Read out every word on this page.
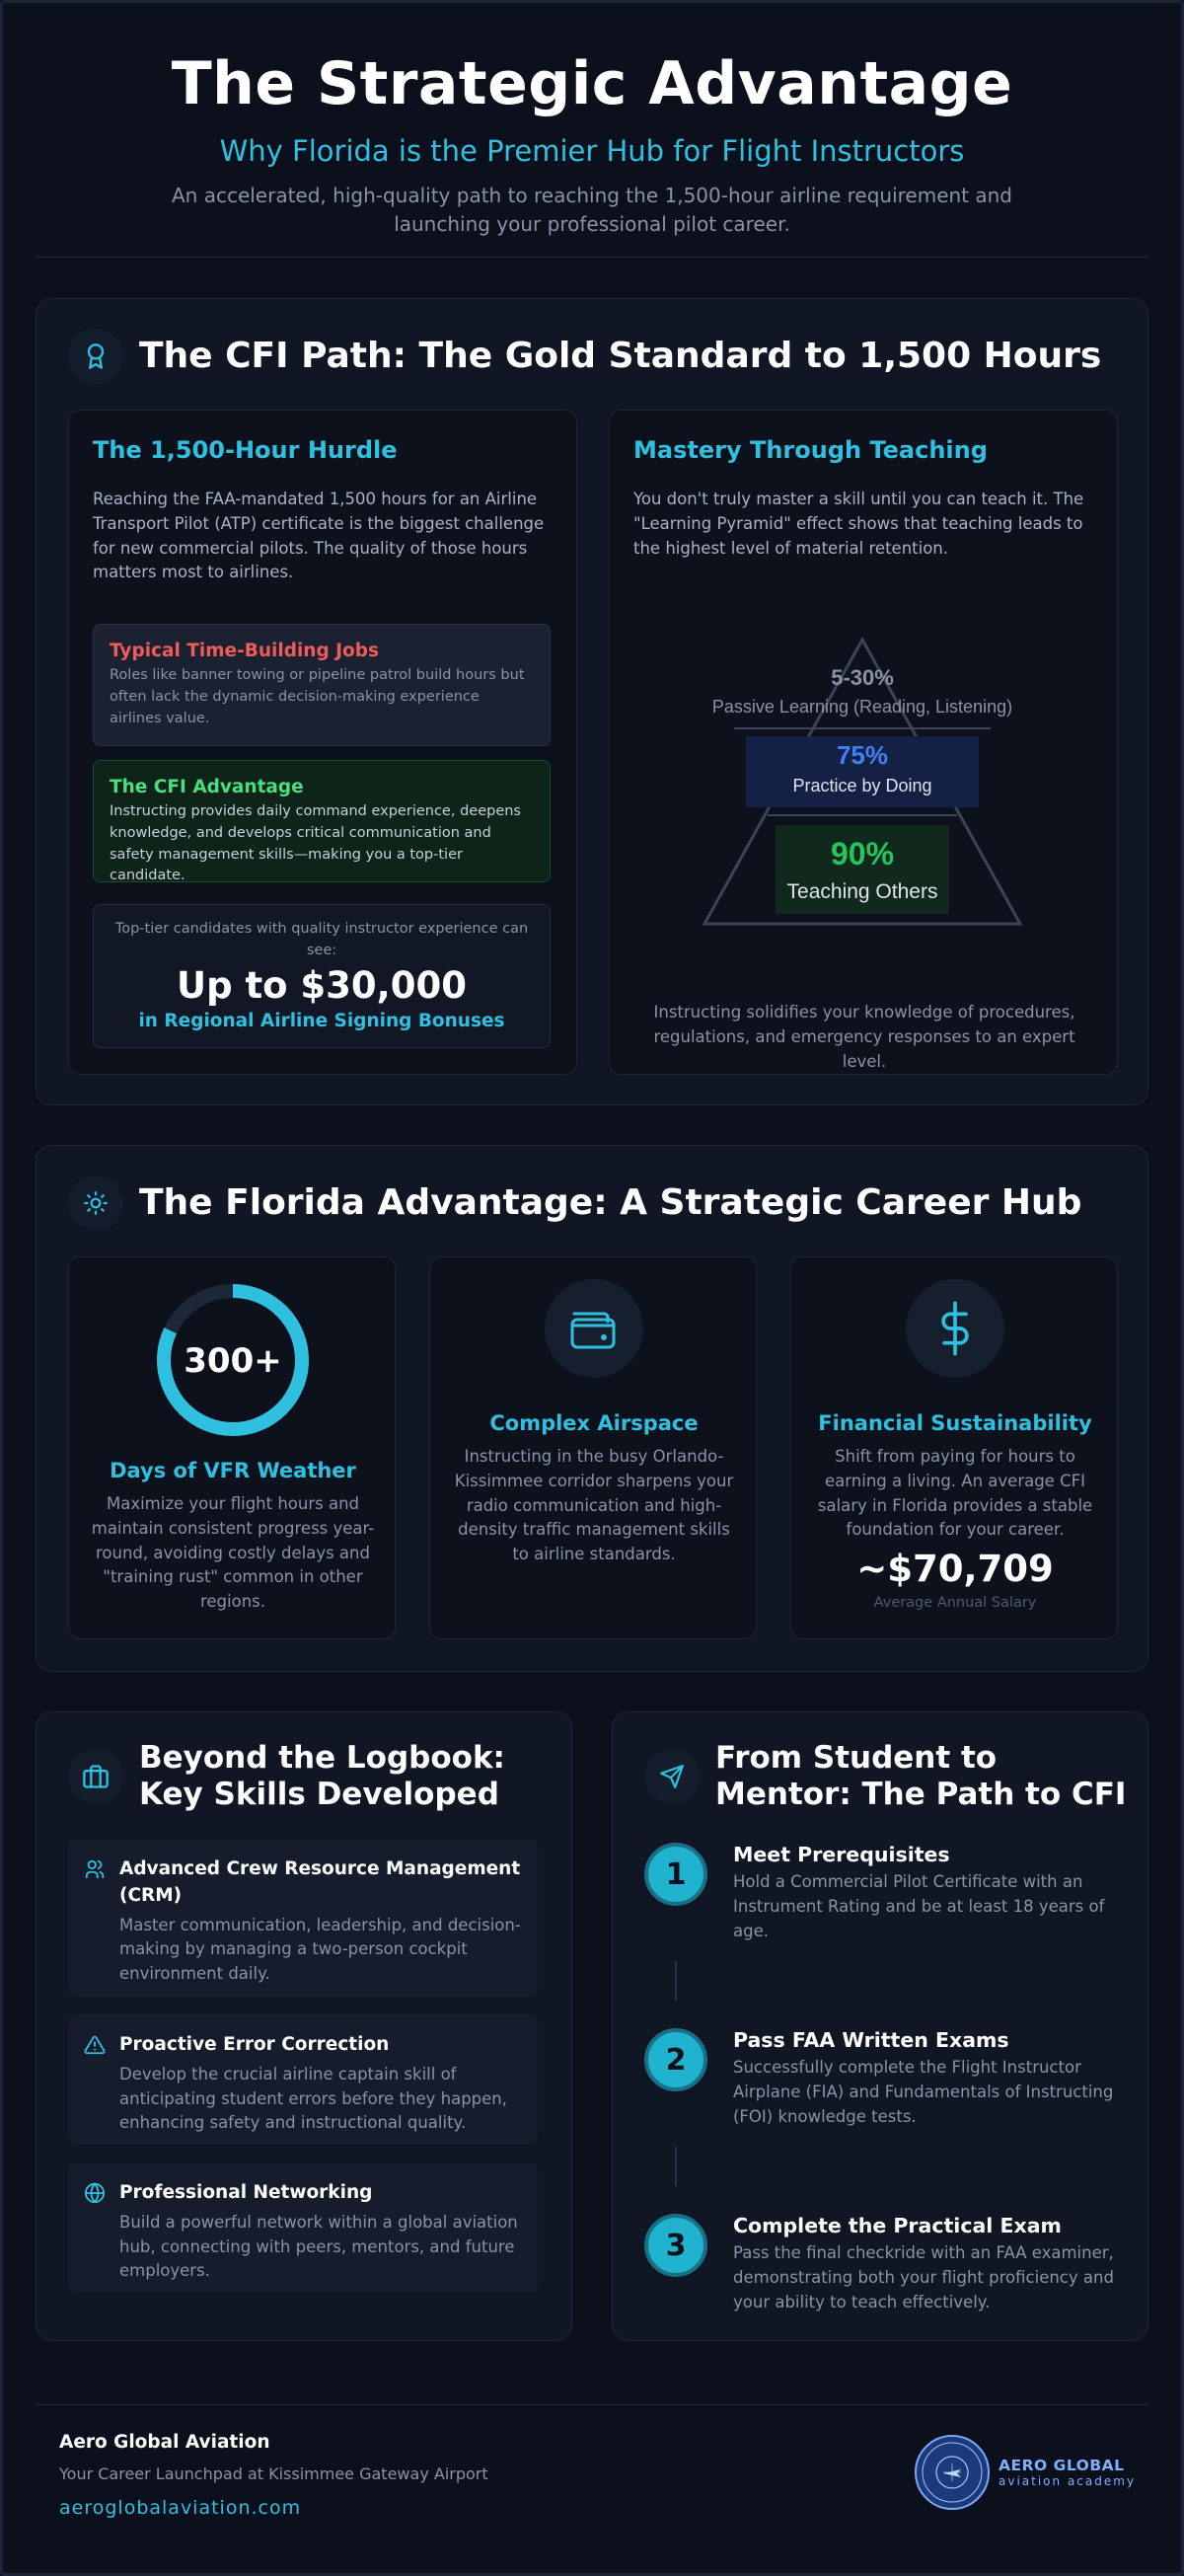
The Strategic Advantage
Why Florida is the Premier Hub for Flight Instructors

An accelerated, high-quality path to reaching the 1,500-hour airline requirement and launching your professional pilot career.

The CFI Path: The Gold Standard to 1,500 Hours
The 1,500-Hour Hurdle
Reaching the FAA-mandated 1,500 hours for an Airline Transport Pilot (ATP) certificate is the biggest challenge for new commercial pilots. The quality of those hours matters most to airlines.
Typical Time-Building Jobs
Roles like banner towing or pipeline patrol build hours but often lack the dynamic decision-making experience airlines value.
The CFI Advantage
Instructing provides daily command experience, deepens knowledge, and develops critical communication and safety management skills—making you a top-tier candidate.
Top-tier candidates with quality instructor experience can see:
Up to $30,000
in Regional Airline Signing Bonuses
Mastery Through Teaching
You don't truly master a skill until you can teach it. The "Learning Pyramid" effect shows that teaching leads to the highest level of material retention.
5-30%
Passive Learning (Reading, Listening)
75%
Practice by Doing
90%
Teaching Others
Instructing solidifies your knowledge of procedures, regulations, and emergency responses to an expert level.
The Florida Advantage: A Strategic Career Hub
300+
Days of VFR Weather
Maximize your flight hours and maintain consistent progress year-round, avoiding costly delays and "training rust" common in other regions.
Complex Airspace
Instructing in the busy Orlando-Kissimmee corridor sharpens your radio communication and high-density traffic management skills to airline standards.
Financial Sustainability
Shift from paying for hours to earning a living. An average CFI salary in Florida provides a stable foundation for your career.
~$70,709
Average Annual Salary
Beyond the Logbook: Key Skills Developed
Advanced Crew Resource Management (CRM)
Master communication, leadership, and decision-making by managing a two-person cockpit environment daily.
Proactive Error Correction
Develop the crucial airline captain skill of anticipating student errors before they happen, enhancing safety and instructional quality.
Professional Networking
Build a powerful network within a global aviation hub, connecting with peers, mentors, and future employers.
From Student to Mentor: The Path to CFI
1
Meet Prerequisites
Hold a Commercial Pilot Certificate with an Instrument Rating and be at least 18 years of age.
2
Pass FAA Written Exams
Successfully complete the Flight Instructor Airplane (FIA) and Fundamentals of Instructing (FOI) knowledge tests.
3
Complete the Practical Exam
Pass the final checkride with an FAA examiner, demonstrating both your flight proficiency and your ability to teach effectively.
Aero Global Aviation
Your Career Launchpad at Kissimmee Gateway Airport
aeroglobalaviation.com
AERO GLOBAL
aviation academy
